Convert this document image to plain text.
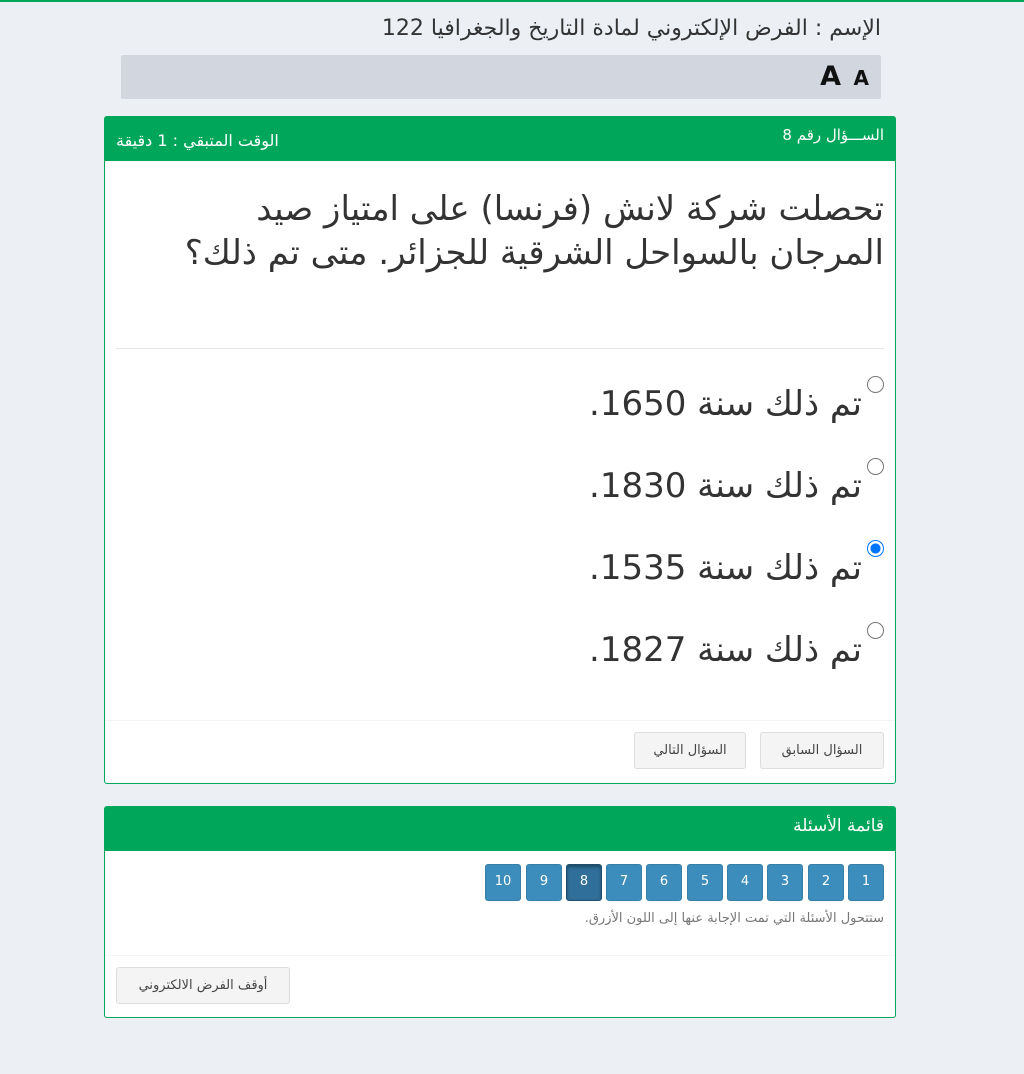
الإسم : الفرض الإلكتروني لمادة التاريخ والجغرافيا 122
A A
الســـؤال رقم 8
الوقت المتبقي : 1 دقيقة
تحصلت شركة لانش (فرنسا) على امتياز صيد المرجان بالسواحل الشرقية للجزائر. متى تم ذلك؟
تم ذلك سنة 1650.
تم ذلك سنة 1830.
تم ذلك سنة 1535.
تم ذلك سنة 1827.
السؤال السابق
السؤال التالي
قائمة الأسئلة
1
2
3
4
5
6
7
8
9
10
ستتحول الأسئلة التي تمت الإجابة عنها إلى اللون الأزرق.
أوقف الفرض الالكتروني
